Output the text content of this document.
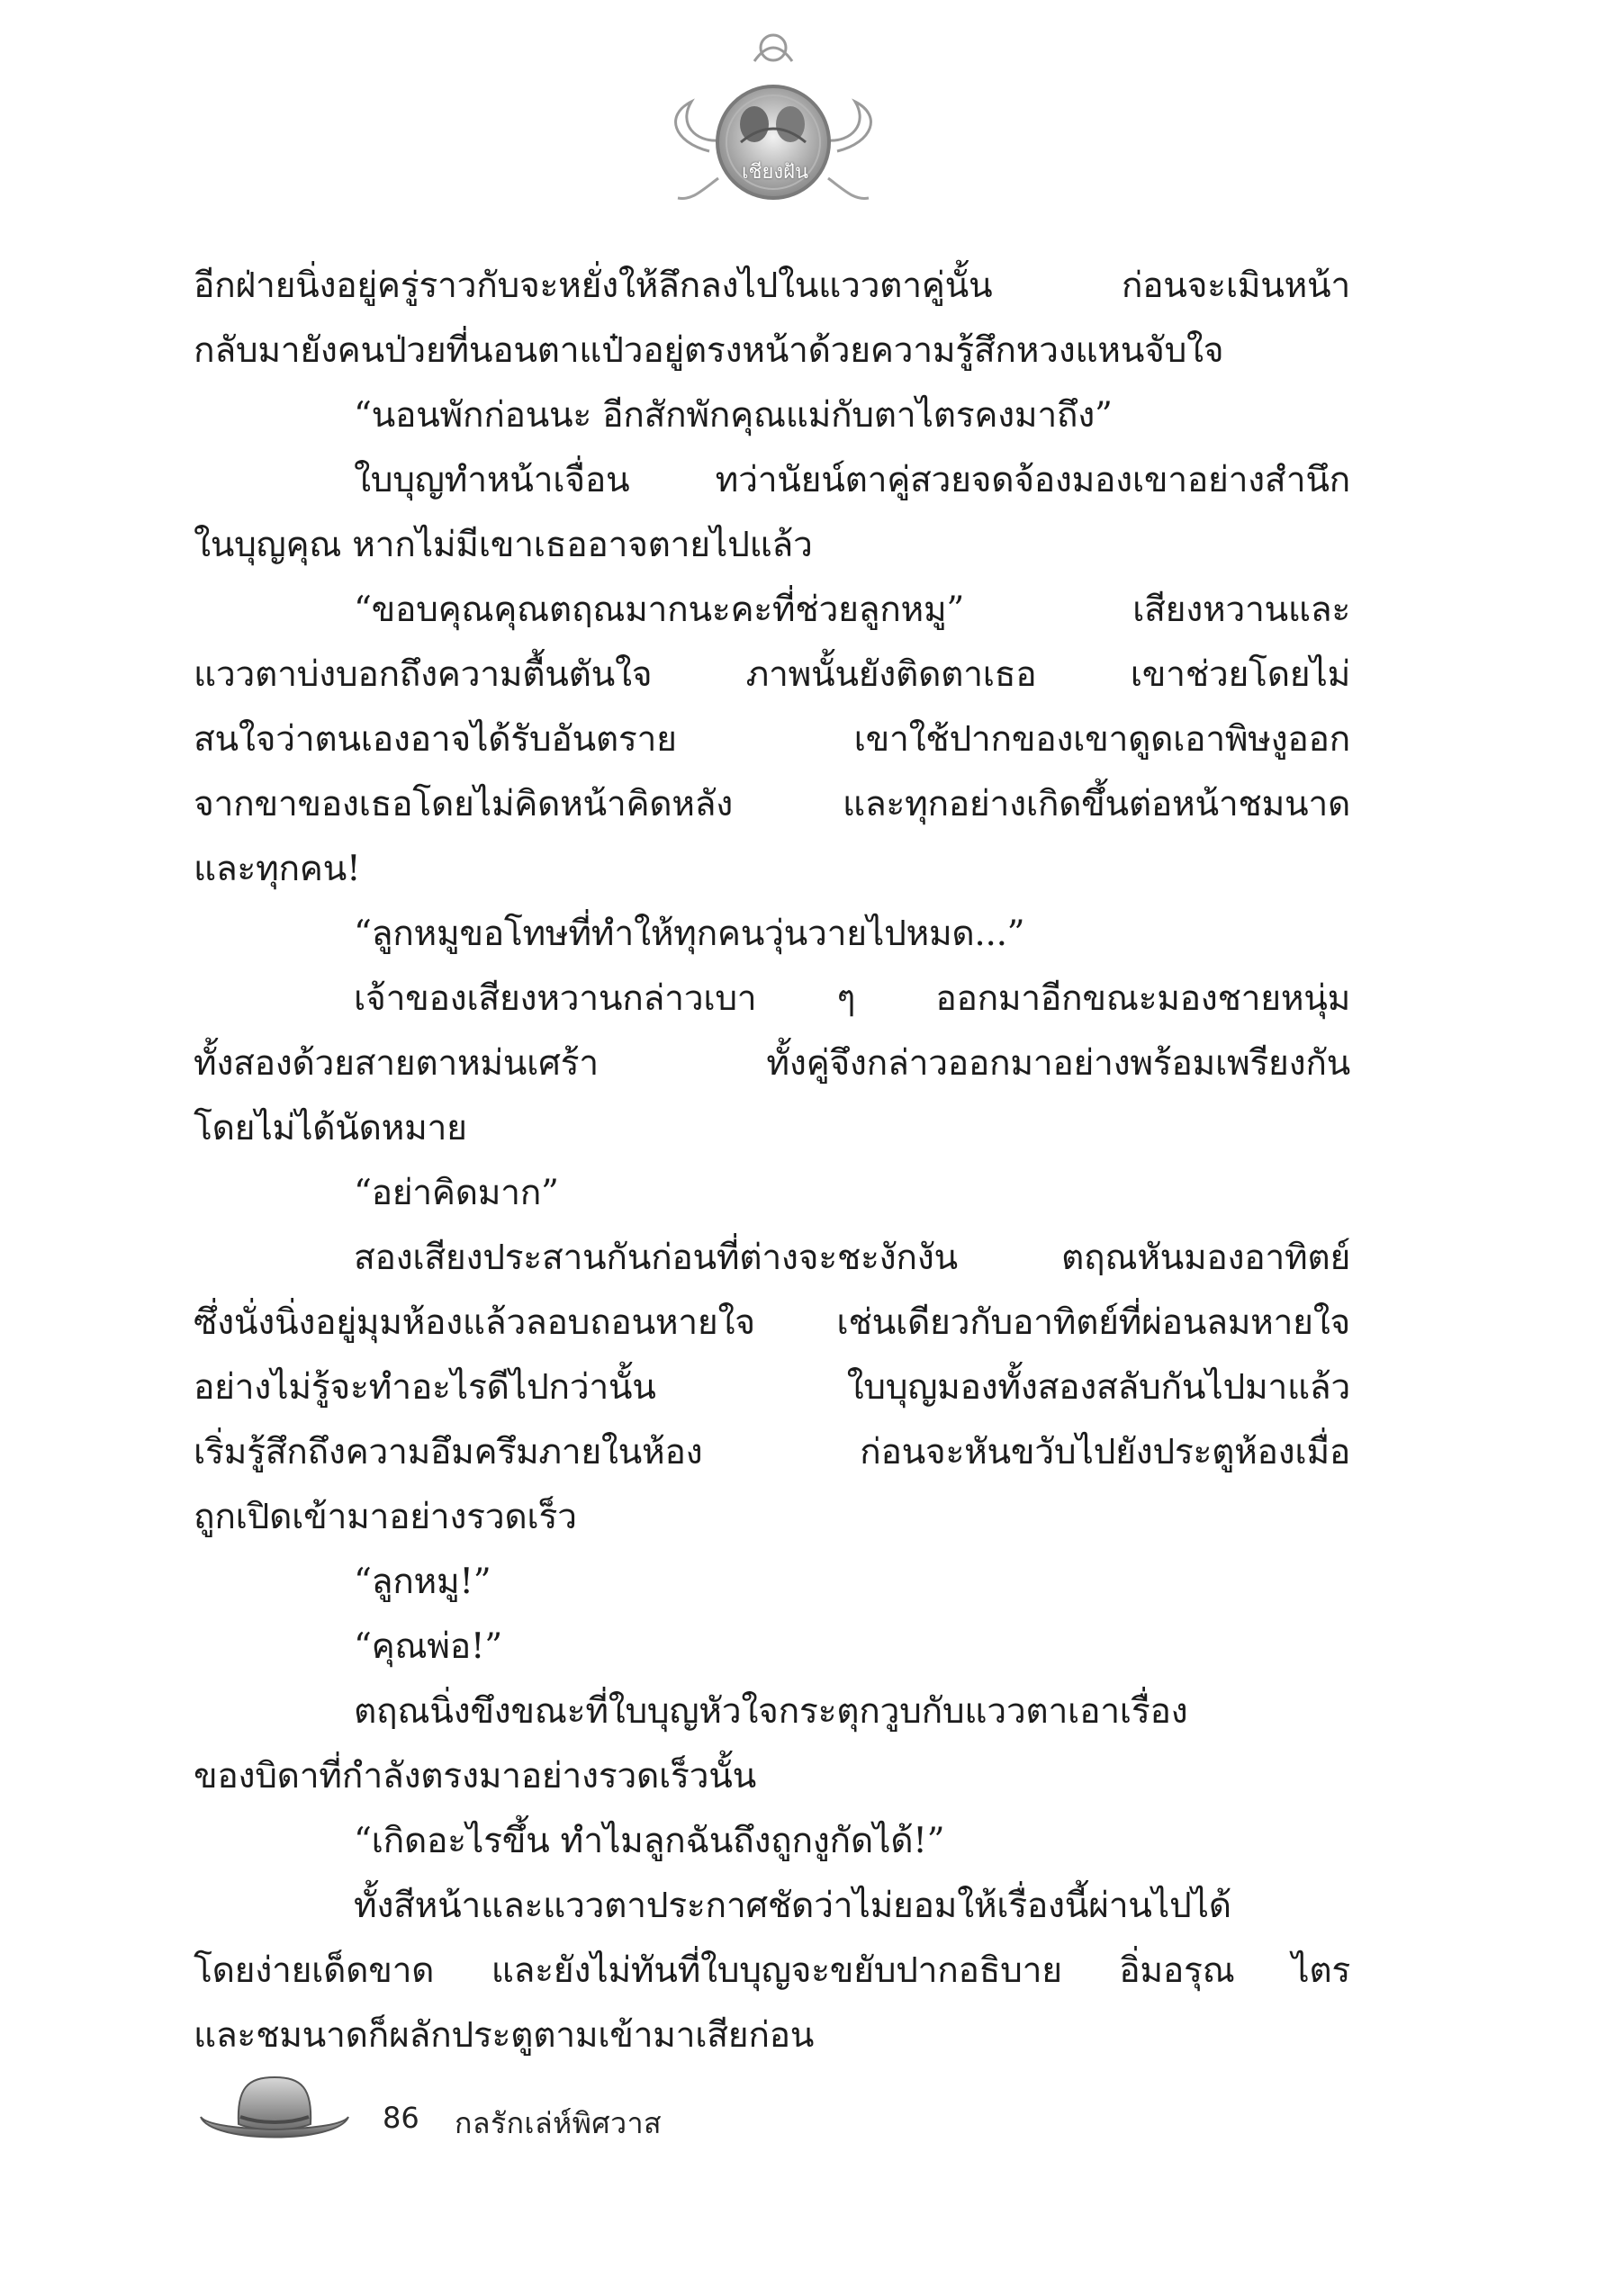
เชียงฝัน
อีกฝ่ายนิ่งอยู่ครู่ราวกับจะหยั่งให้ลึกลงไปในแววตาคู่นั้น ก่อนจะเมินหน้า
กลับมายังคนป่วยที่นอนตาแป๋วอยู่ตรงหน้าด้วยความรู้สึกหวงแหนจับใจ
“นอนพักก่อนนะ อีกสักพักคุณแม่กับตาไตรคงมาถึง”
ใบบุญทำหน้าเจื่อน ทว่านัยน์ตาคู่สวยจดจ้องมองเขาอย่างสำนึก
ในบุญคุณ หากไม่มีเขาเธออาจตายไปแล้ว
“ขอบคุณคุณตฤณมากนะคะที่ช่วยลูกหมู” เสียงหวานและ
แววตาบ่งบอกถึงความตื้นตันใจ ภาพนั้นยังติดตาเธอ เขาช่วยโดยไม่
สนใจว่าตนเองอาจได้รับอันตราย เขาใช้ปากของเขาดูดเอาพิษงูออก
จากขาของเธอโดยไม่คิดหน้าคิดหลัง และทุกอย่างเกิดขึ้นต่อหน้าชมนาด
และทุกคน!
“ลูกหมูขอโทษที่ทำให้ทุกคนวุ่นวายไปหมด...”
เจ้าของเสียงหวานกล่าวเบา ๆ ออกมาอีกขณะมองชายหนุ่ม
ทั้งสองด้วยสายตาหม่นเศร้า ทั้งคู่จึงกล่าวออกมาอย่างพร้อมเพรียงกัน
โดยไม่ได้นัดหมาย
“อย่าคิดมาก”
สองเสียงประสานกันก่อนที่ต่างจะชะงักงัน ตฤณหันมองอาทิตย์
ซึ่งนั่งนิ่งอยู่มุมห้องแล้วลอบถอนหายใจ เช่นเดียวกับอาทิตย์ที่ผ่อนลมหายใจ
อย่างไม่รู้จะทำอะไรดีไปกว่านั้น ใบบุญมองทั้งสองสลับกันไปมาแล้ว
เริ่มรู้สึกถึงความอึมครึมภายในห้อง ก่อนจะหันขวับไปยังประตูห้องเมื่อ
ถูกเปิดเข้ามาอย่างรวดเร็ว
“ลูกหมู!”
“คุณพ่อ!”
ตฤณนิ่งขึงขณะที่ใบบุญหัวใจกระตุกวูบกับแววตาเอาเรื่อง
ของบิดาที่กำลังตรงมาอย่างรวดเร็วนั้น
“เกิดอะไรขึ้น ทำไมลูกฉันถึงถูกงูกัดได้!”
ทั้งสีหน้าและแววตาประกาศชัดว่าไม่ยอมให้เรื่องนี้ผ่านไปได้
โดยง่ายเด็ดขาด และยังไม่ทันที่ใบบุญจะขยับปากอธิบาย อิ่มอรุณ ไตร
และชมนาดก็ผลักประตูตามเข้ามาเสียก่อน
86 กลรักเล่ห์พิศวาส
